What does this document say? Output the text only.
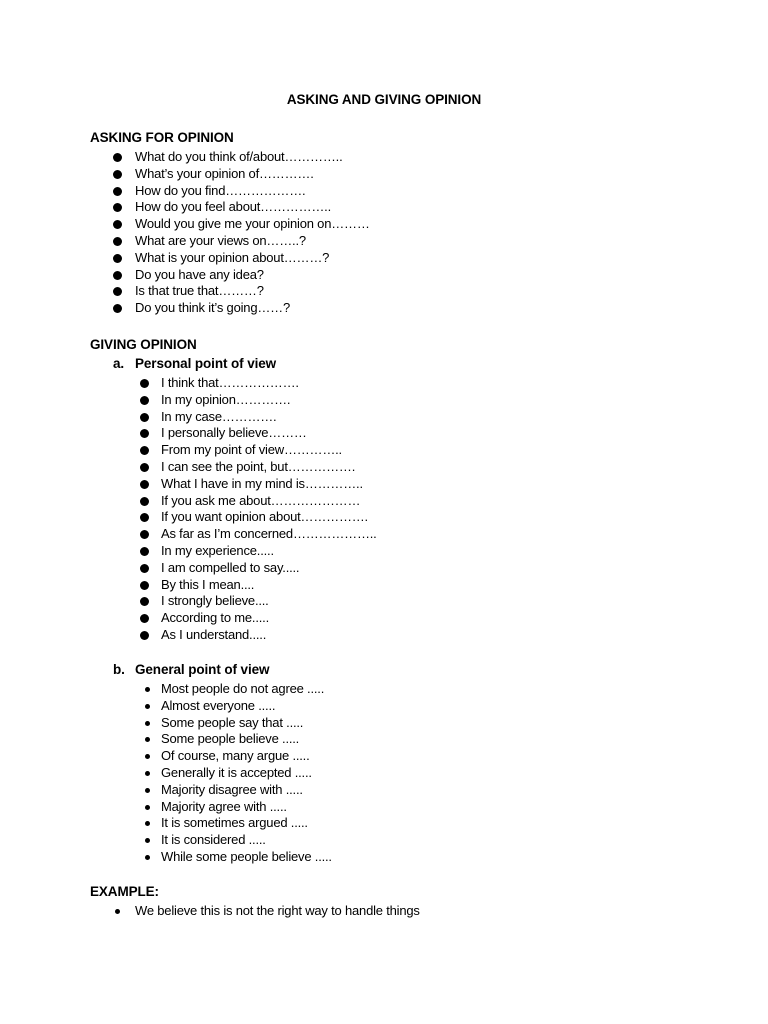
ASKING AND GIVING OPINION
ASKING FOR OPINION
What do you think of/about…………..
What’s your opinion of………….
How do you find……………….
How do you feel about……………..
Would you give me your opinion on………
What are your views on……..?
What is your opinion about………?
Do you have any idea?
Is that true that………?
Do you think it’s going……?
GIVING OPINION
a. Personal point of view
I think that……………….
In my opinion………….
In my case………….
I personally believe………
From my point of view…………..
I can see the point, but…………….
What I have in my mind is…………..
If you ask me about…………………
If you want opinion about…………….
As far as I’m concerned………………..
In my experience.....
I am compelled to say.....
By this I mean....
I strongly believe....
According to me.....
As I understand.....
b. General point of view
Most people do not agree .....
Almost everyone .....
Some people say that .....
Some people believe .....
Of course, many argue .....
Generally it is accepted .....
Majority disagree with .....
Majority agree with .....
It is sometimes argued .....
It is considered .....
While some people believe .....
EXAMPLE:
We believe this is not the right way to handle things
